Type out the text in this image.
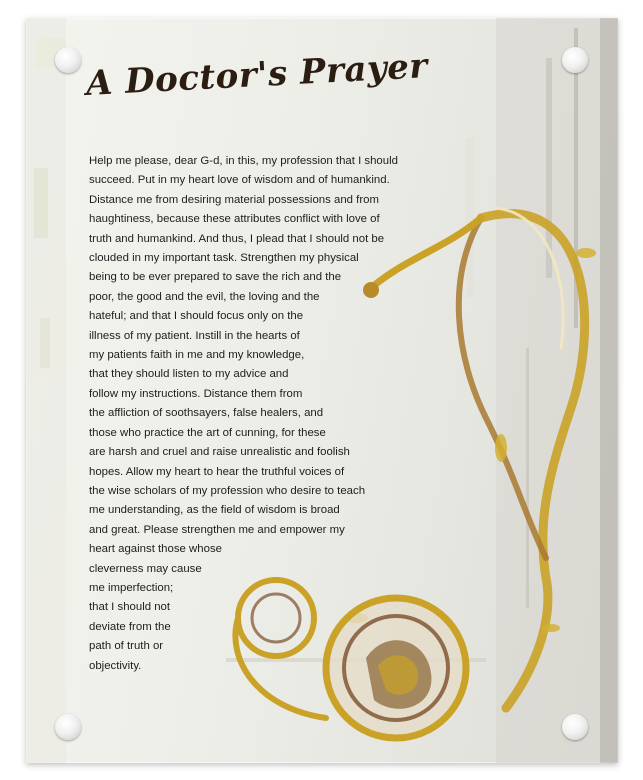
A Doctor's Prayer
Help me please, dear G-d, in this, my profession that I should
succeed. Put in my heart love of wisdom and of humankind.
Distance me from desiring material possessions and from
haughtiness, because these attributes conflict with love of
truth and humankind. And thus, I plead that I should not be
clouded in my important task. Strengthen my physical
being to be ever prepared to save the rich and the
poor, the good and the evil, the loving and the
hateful; and that I should focus only on the
illness of my patient. Instill in the hearts of
my patients faith in me and my knowledge,
that they should listen to my advice and
follow my instructions. Distance them from
the affliction of soothsayers, false healers, and
those who practice the art of cunning, for these
are harsh and cruel and raise unrealistic and foolish
hopes. Allow my heart to hear the truthful voices of
the wise scholars of my profession who desire to teach
me understanding, as the field of wisdom is broad
and great. Please strengthen me and empower my
heart against those whose
cleverness may cause
me imperfection;
that I should not
deviate from the
path of truth or
objectivity.
